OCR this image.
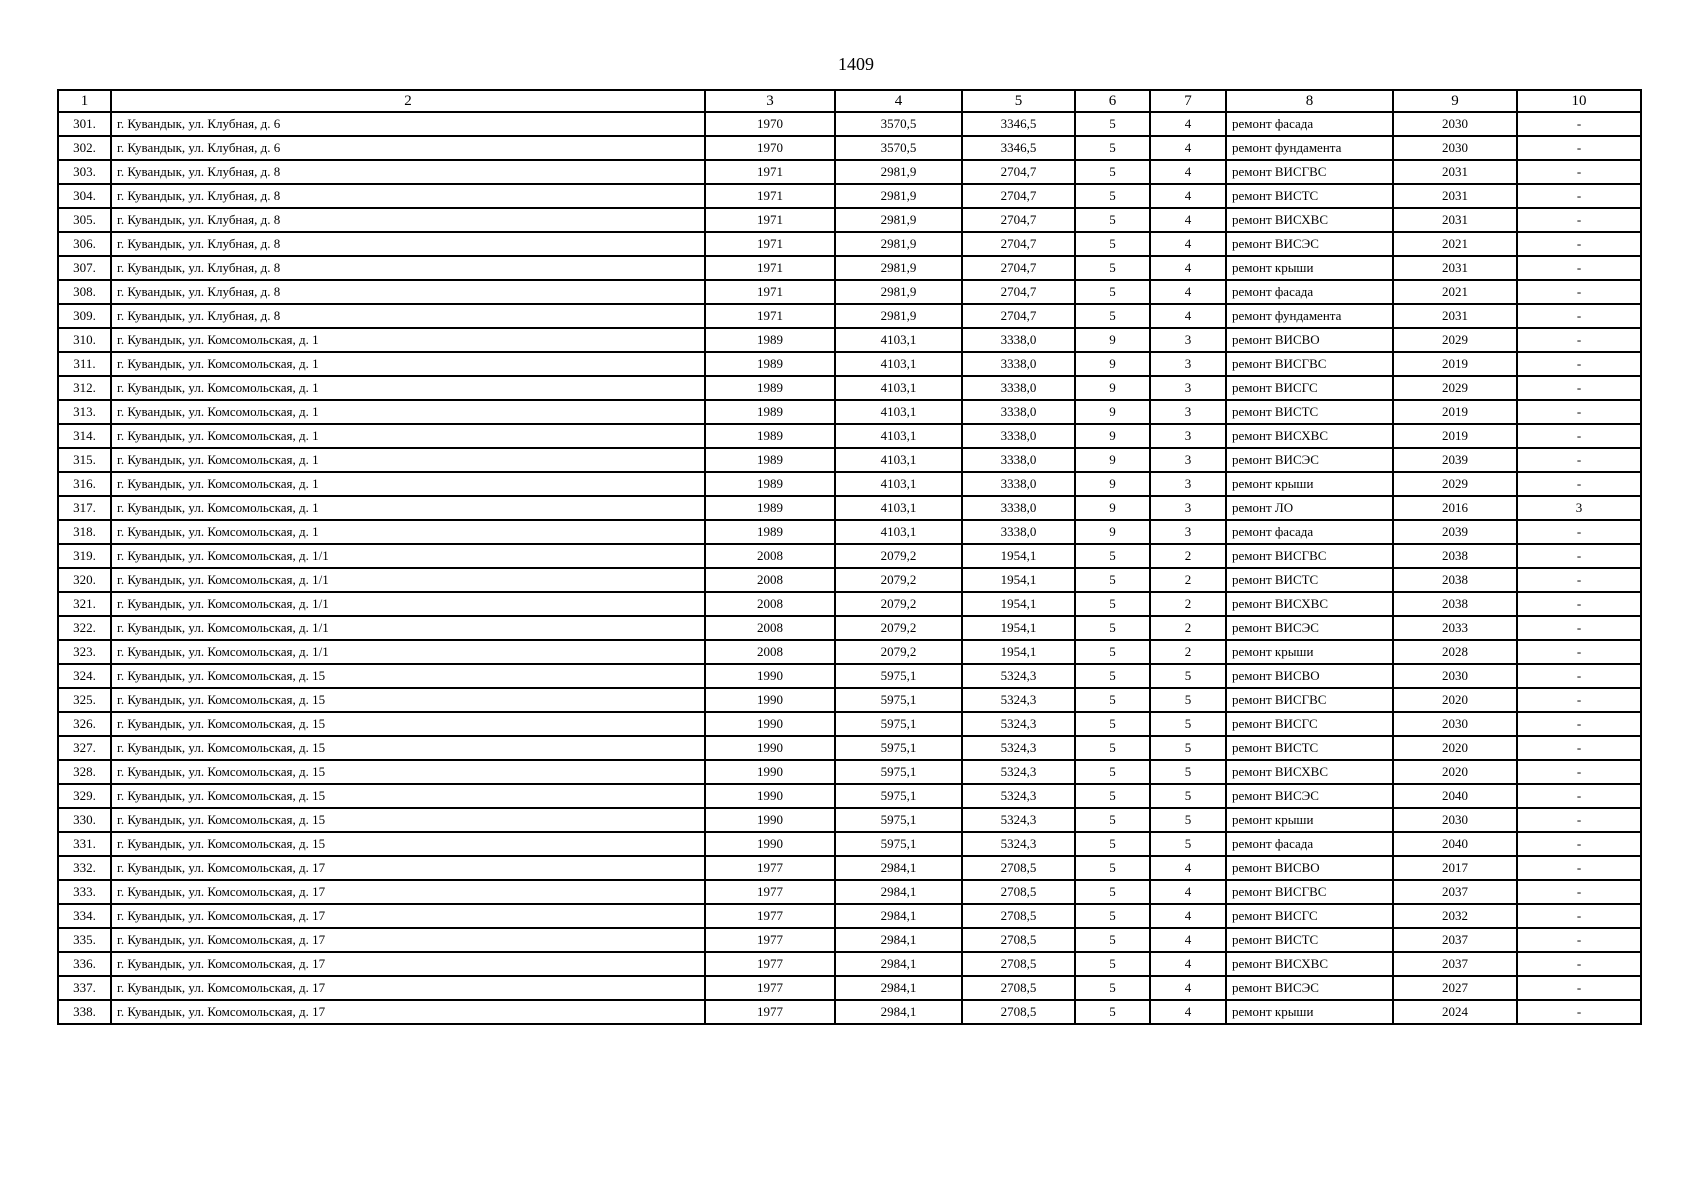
1409
1	2	3	4	5	6	7	8	9	10
301.	г. Кувандык, ул. Клубная, д. 6	1970	3570,5	3346,5	5	4	ремонт фасада	2030	-
302.	г. Кувандык, ул. Клубная, д. 6	1970	3570,5	3346,5	5	4	ремонт фундамента	2030	-
303.	г. Кувандык, ул. Клубная, д. 8	1971	2981,9	2704,7	5	4	ремонт ВИСГВС	2031	-
304.	г. Кувандык, ул. Клубная, д. 8	1971	2981,9	2704,7	5	4	ремонт ВИСТС	2031	-
305.	г. Кувандык, ул. Клубная, д. 8	1971	2981,9	2704,7	5	4	ремонт ВИСХВС	2031	-
306.	г. Кувандык, ул. Клубная, д. 8	1971	2981,9	2704,7	5	4	ремонт ВИСЭС	2021	-
307.	г. Кувандык, ул. Клубная, д. 8	1971	2981,9	2704,7	5	4	ремонт крыши	2031	-
308.	г. Кувандык, ул. Клубная, д. 8	1971	2981,9	2704,7	5	4	ремонт фасада	2021	-
309.	г. Кувандык, ул. Клубная, д. 8	1971	2981,9	2704,7	5	4	ремонт фундамента	2031	-
310.	г. Кувандык, ул. Комсомольская, д. 1	1989	4103,1	3338,0	9	3	ремонт ВИСВО	2029	-
311.	г. Кувандык, ул. Комсомольская, д. 1	1989	4103,1	3338,0	9	3	ремонт ВИСГВС	2019	-
312.	г. Кувандык, ул. Комсомольская, д. 1	1989	4103,1	3338,0	9	3	ремонт ВИСГС	2029	-
313.	г. Кувандык, ул. Комсомольская, д. 1	1989	4103,1	3338,0	9	3	ремонт ВИСТС	2019	-
314.	г. Кувандык, ул. Комсомольская, д. 1	1989	4103,1	3338,0	9	3	ремонт ВИСХВС	2019	-
315.	г. Кувандык, ул. Комсомольская, д. 1	1989	4103,1	3338,0	9	3	ремонт ВИСЭС	2039	-
316.	г. Кувандык, ул. Комсомольская, д. 1	1989	4103,1	3338,0	9	3	ремонт крыши	2029	-
317.	г. Кувандык, ул. Комсомольская, д. 1	1989	4103,1	3338,0	9	3	ремонт ЛО	2016	3
318.	г. Кувандык, ул. Комсомольская, д. 1	1989	4103,1	3338,0	9	3	ремонт фасада	2039	-
319.	г. Кувандык, ул. Комсомольская, д. 1/1	2008	2079,2	1954,1	5	2	ремонт ВИСГВС	2038	-
320.	г. Кувандык, ул. Комсомольская, д. 1/1	2008	2079,2	1954,1	5	2	ремонт ВИСТС	2038	-
321.	г. Кувандык, ул. Комсомольская, д. 1/1	2008	2079,2	1954,1	5	2	ремонт ВИСХВС	2038	-
322.	г. Кувандык, ул. Комсомольская, д. 1/1	2008	2079,2	1954,1	5	2	ремонт ВИСЭС	2033	-
323.	г. Кувандык, ул. Комсомольская, д. 1/1	2008	2079,2	1954,1	5	2	ремонт крыши	2028	-
324.	г. Кувандык, ул. Комсомольская, д. 15	1990	5975,1	5324,3	5	5	ремонт ВИСВО	2030	-
325.	г. Кувандык, ул. Комсомольская, д. 15	1990	5975,1	5324,3	5	5	ремонт ВИСГВС	2020	-
326.	г. Кувандык, ул. Комсомольская, д. 15	1990	5975,1	5324,3	5	5	ремонт ВИСГС	2030	-
327.	г. Кувандык, ул. Комсомольская, д. 15	1990	5975,1	5324,3	5	5	ремонт ВИСТС	2020	-
328.	г. Кувандык, ул. Комсомольская, д. 15	1990	5975,1	5324,3	5	5	ремонт ВИСХВС	2020	-
329.	г. Кувандык, ул. Комсомольская, д. 15	1990	5975,1	5324,3	5	5	ремонт ВИСЭС	2040	-
330.	г. Кувандык, ул. Комсомольская, д. 15	1990	5975,1	5324,3	5	5	ремонт крыши	2030	-
331.	г. Кувандык, ул. Комсомольская, д. 15	1990	5975,1	5324,3	5	5	ремонт фасада	2040	-
332.	г. Кувандык, ул. Комсомольская, д. 17	1977	2984,1	2708,5	5	4	ремонт ВИСВО	2017	-
333.	г. Кувандык, ул. Комсомольская, д. 17	1977	2984,1	2708,5	5	4	ремонт ВИСГВС	2037	-
334.	г. Кувандык, ул. Комсомольская, д. 17	1977	2984,1	2708,5	5	4	ремонт ВИСГС	2032	-
335.	г. Кувандык, ул. Комсомольская, д. 17	1977	2984,1	2708,5	5	4	ремонт ВИСТС	2037	-
336.	г. Кувандык, ул. Комсомольская, д. 17	1977	2984,1	2708,5	5	4	ремонт ВИСХВС	2037	-
337.	г. Кувандык, ул. Комсомольская, д. 17	1977	2984,1	2708,5	5	4	ремонт ВИСЭС	2027	-
338.	г. Кувандык, ул. Комсомольская, д. 17	1977	2984,1	2708,5	5	4	ремонт крыши	2024	-
